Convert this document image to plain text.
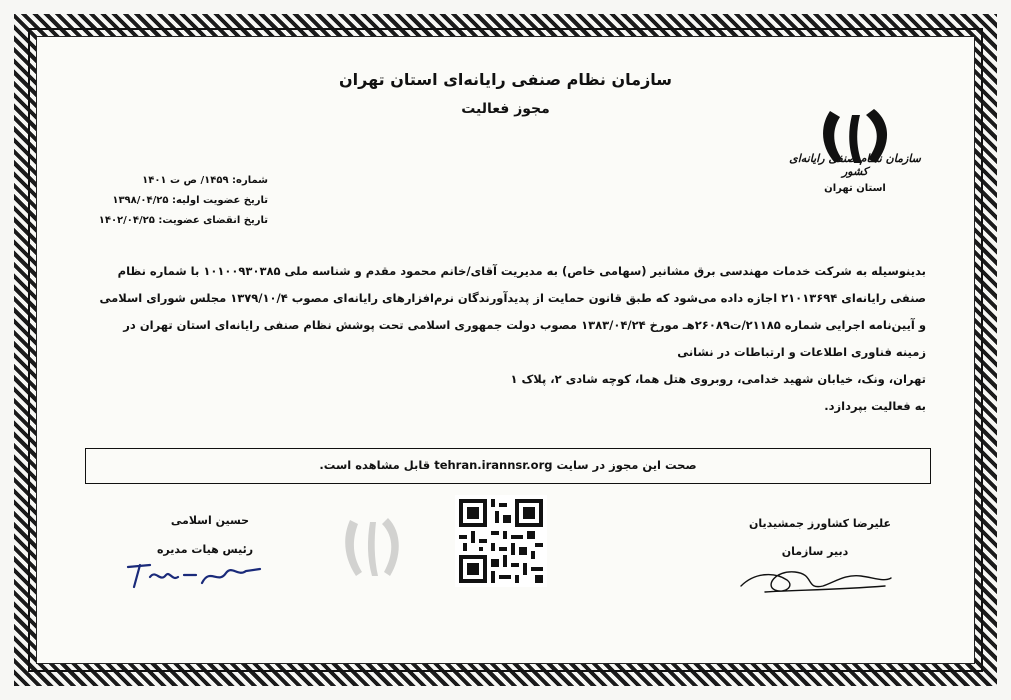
سازمان نظام صنفی رایانه‌ای استان تهران
مجوز فعالیت
سازمان نظام صنفی رایانه‌ای کشور
استان تهران
شماره: ۱۴۵۹/ ص ت ۱۴۰۱
تاریخ عضویت اولیه: ۱۳۹۸/۰۴/۲۵
تاریخ انقضای عضویت: ۱۴۰۲/۰۴/۲۵

بدینوسیله به شرکت خدمات مهندسی برق مشانیر (سهامی خاص) به مدیریت آقای/خانم محمود مقدم و شناسه ملی ۱۰۱۰۰۹۳۰۳۸۵ با شماره نظام

صنفی رایانه‌ای ۲۱۰۱۳۶۹۴ اجازه داده می‌شود که طبق قانون حمایت از پدیدآورندگان نرم‌افزارهای رایانه‌ای مصوب ۱۳۷۹/۱۰/۴ مجلس شورای اسلامی

و آیین‌نامه اجرایی شماره ۲۱۱۸۵/ت۲۶۰۸۹هـ مورخ ۱۳۸۳/۰۴/۲۴ مصوب دولت جمهوری اسلامی تحت پوشش نظام صنفی رایانه‌ای استان تهران در

زمینه فناوری اطلاعات و ارتباطات در نشانی

تهران، ونک، خیابان شهید خدامی، روبروی هتل هما، کوچه شادی ۲، پلاک ۱

به فعالیت بپردازد.

صحت این مجوز در سایت tehran.irannsr.org قابل مشاهده است.
حسین اسلامی
رئیس هیات مدیره
علیرضا کشاورز جمشیدیان
دبیر سازمان
